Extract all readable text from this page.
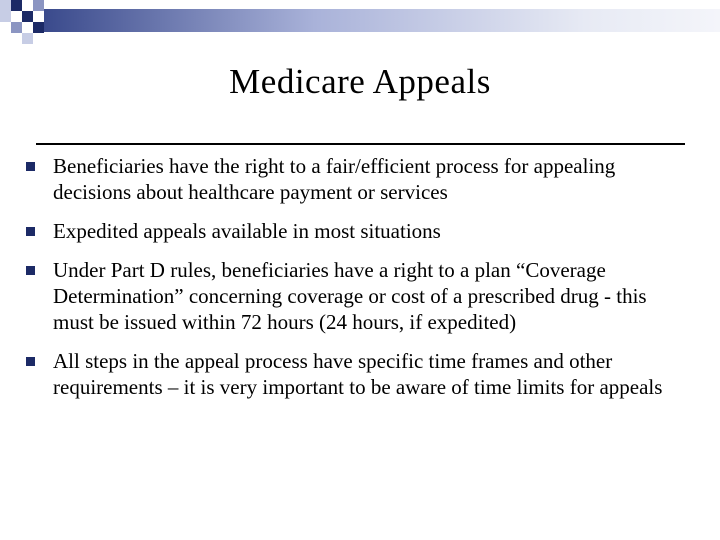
Medicare Appeals
Beneficiaries have the right to a fair/efficient process for appealing decisions about healthcare payment or services
Expedited appeals available in most situations
Under Part D rules, beneficiaries have a right to a plan “Coverage Determination” concerning coverage or cost of a prescribed drug - this must be issued within 72 hours (24 hours, if expedited)
All steps in the appeal process have specific time frames and other requirements – it is very important to be aware of time limits for appeals
